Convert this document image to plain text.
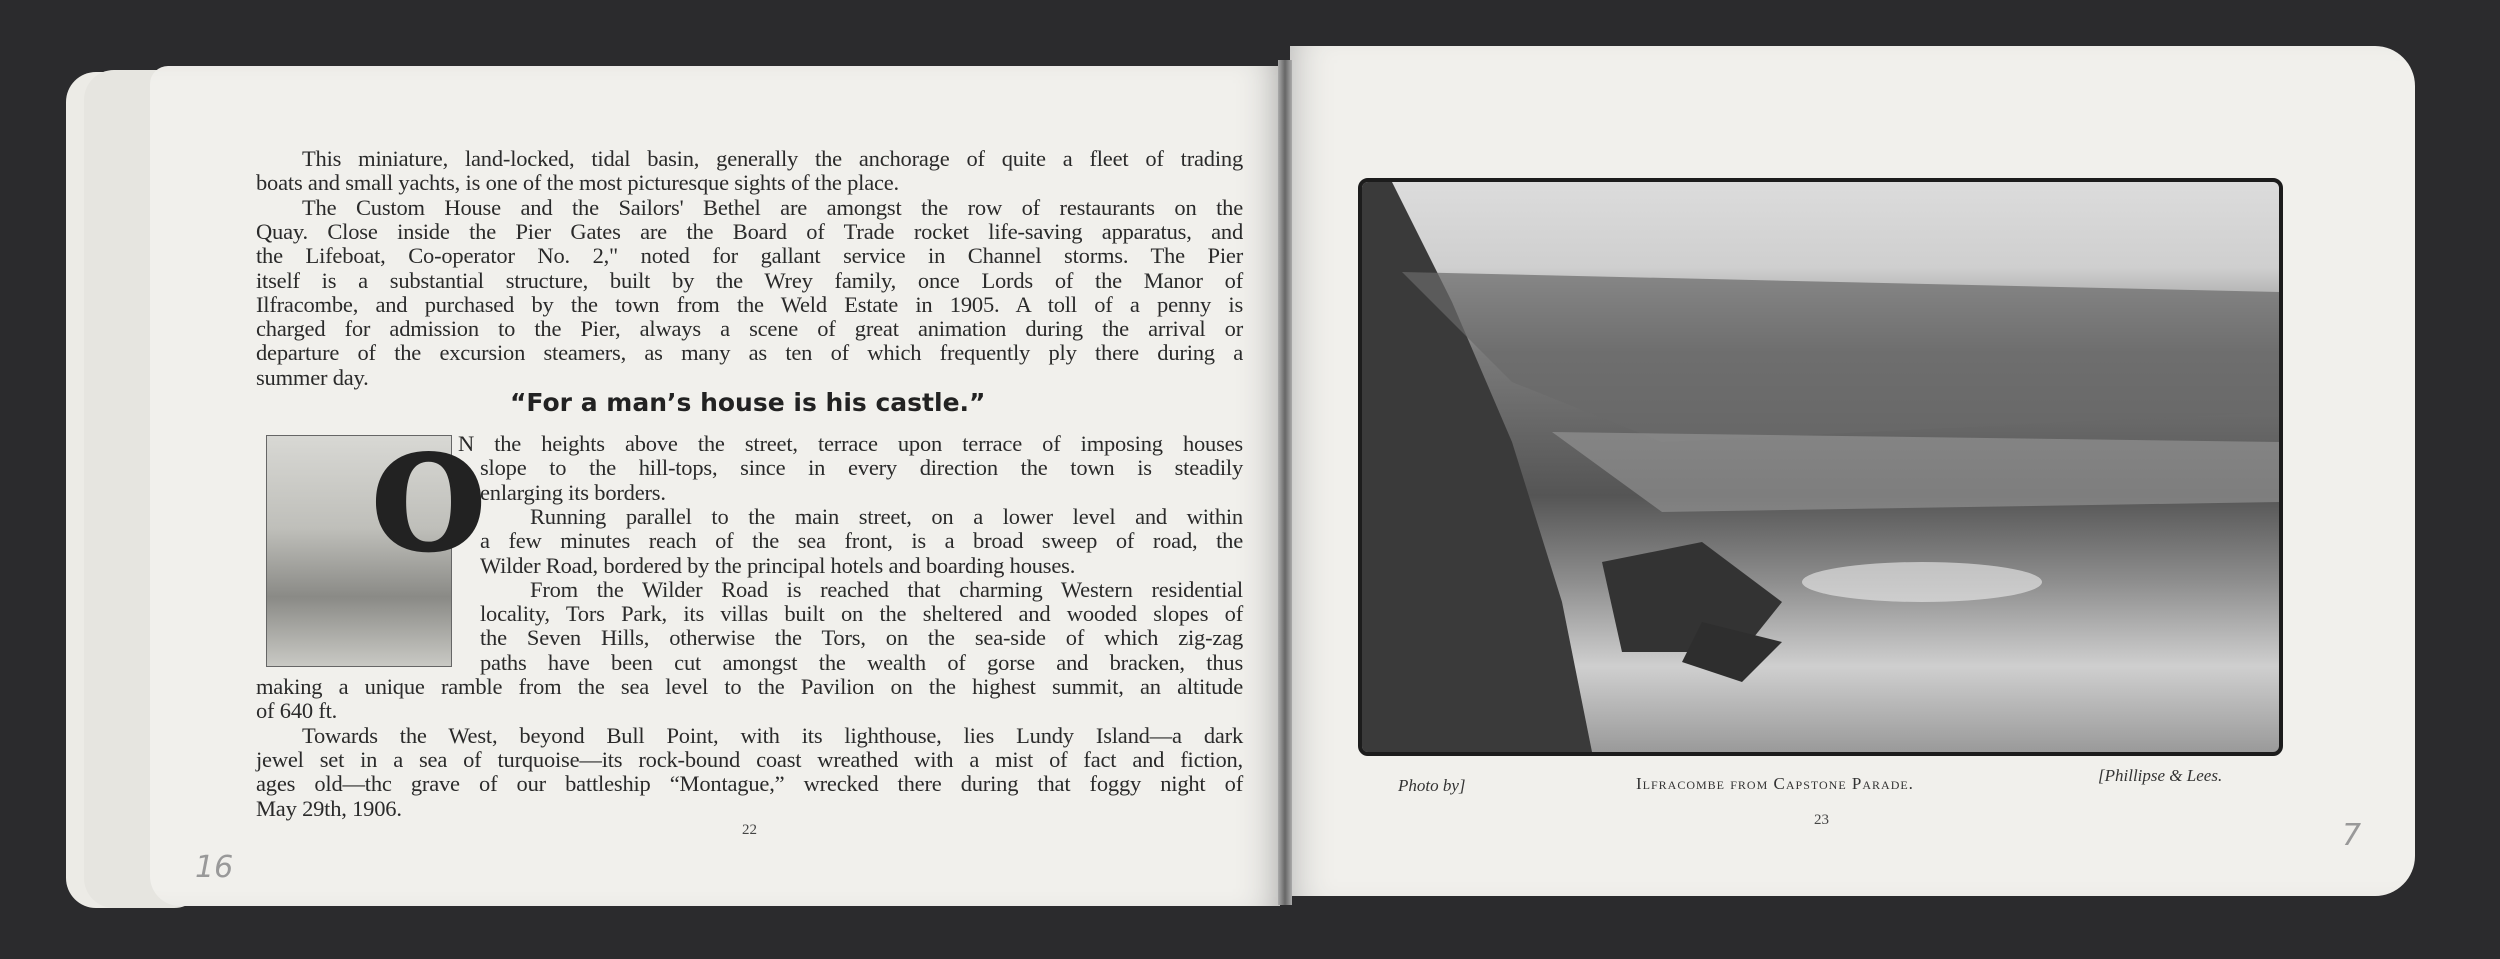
This miniature, land-locked, tidal basin, generally the anchorage of quite a fleet of trading
boats and small yachts, is one of the most picturesque sights of the place.
The Custom House and the Sailors' Bethel are amongst the row of restaurants on the
Quay. Close inside the Pier Gates are the Board of Trade rocket life-saving apparatus, and
the Lifeboat, Co-operator No. 2," noted for gallant service in Channel storms. The Pier
itself is a substantial structure, built by the Wrey family, once Lords of the Manor of
Ilfracombe, and purchased by the town from the Weld Estate in 1905. A toll of a penny is
charged for admission to the Pier, always a scene of great animation during the arrival or
departure of the excursion steamers, as many as ten of which frequently ply there during a
summer day.
“For a man’s house is his castle.”
O
N the heights above the street, terrace upon terrace of imposing houses
slope to the hill-tops, since in every direction the town is steadily
enlarging its borders.
Running parallel to the main street, on a lower level and within
a few minutes reach of the sea front, is a broad sweep of road, the
Wilder Road, bordered by the principal hotels and boarding houses.
From the Wilder Road is reached that charming Western residential
locality, Tors Park, its villas built on the sheltered and wooded slopes of
the Seven Hills, otherwise the Tors, on the sea-side of which zig-zag
paths have been cut amongst the wealth of gorse and bracken, thus
making a unique ramble from the sea level to the Pavilion on the highest summit, an altitude
of 640 ft.
Towards the West, beyond Bull Point, with its lighthouse, lies Lundy Island—a dark
jewel set in a sea of turquoise—its rock-bound coast wreathed with a mist of fact and fiction,
ages old—thc grave of our battleship “Montague,” wrecked there during that foggy night of
May 29th, 1906.
22
16
Photo by]	Ilfracombe from Capstone Parade.	[Phillipse & Lees.
23	7
